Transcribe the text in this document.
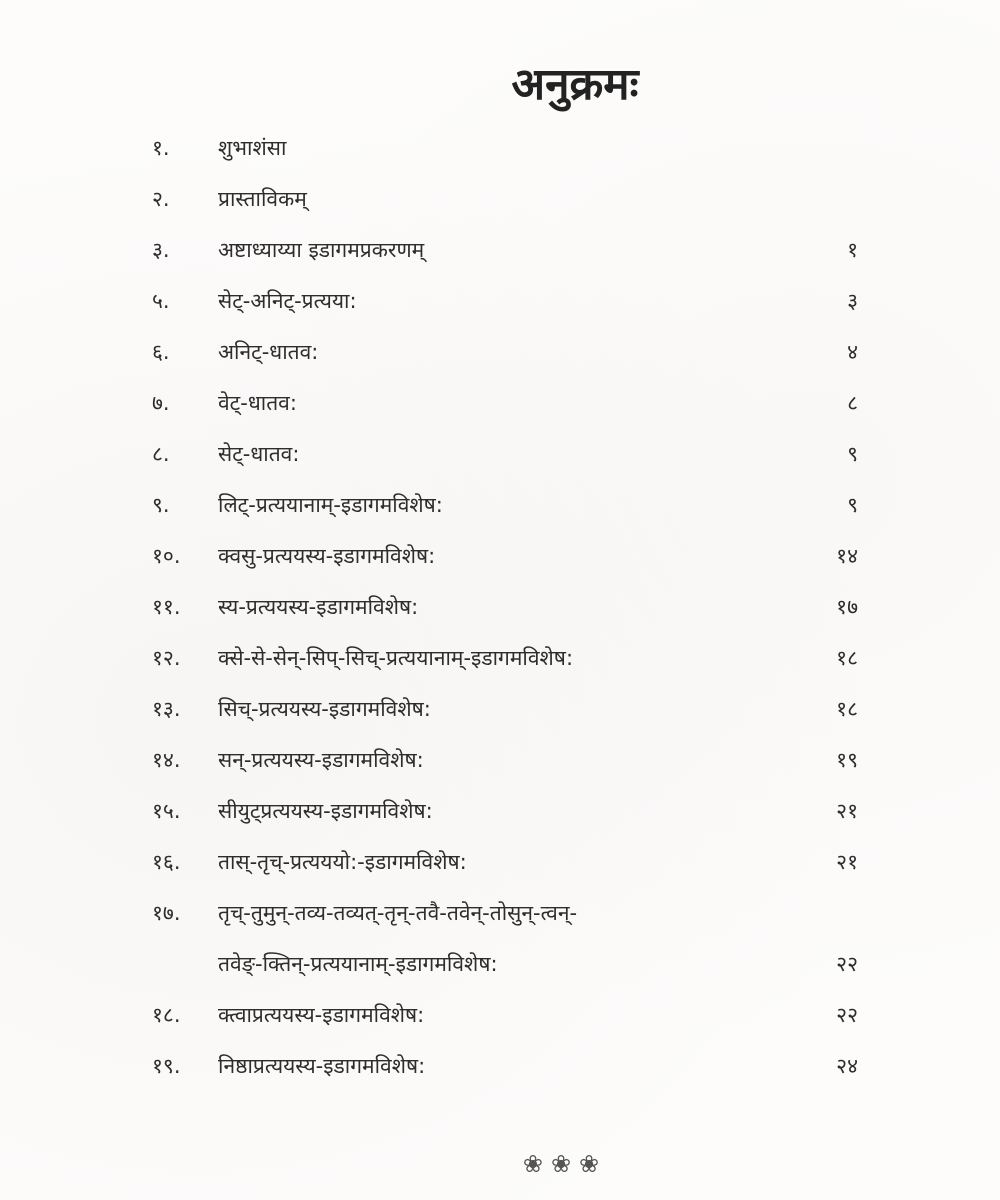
अनुक्रमः
१.	शुभाशंसा
२.	प्रास्ताविकम्
३.	अष्टाध्याय्या इडागमप्रकरणम्	१
५.	सेट्-अनिट्-प्रत्यया:	३
६.	अनिट्-धातव:	४
७.	वेट्-धातव:	८
८.	सेट्-धातव:	९
९.	लिट्-प्रत्ययानाम्-इडागमविशेष:	९
१०.	क्वसु-प्रत्ययस्य-इडागमविशेष:	१४
११.	स्य-प्रत्ययस्य-इडागमविशेष:	१७
१२.	क्से-से-सेन्-सिप्-सिच्-प्रत्ययानाम्-इडागमविशेष:	१८
१३.	सिच्-प्रत्ययस्य-इडागमविशेष:	१८
१४.	सन्-प्रत्ययस्य-इडागमविशेष:	१९
१५.	सीयुट्प्रत्ययस्य-इडागमविशेष:	२१
१६.	तास्-तृच्-प्रत्यययो:-इडागमविशेष:	२१
१७.	तृच्-तुमुन्-तव्य-तव्यत्-तृन्-तवै-तवेन्-तोसुन्-त्वन्-
तवेङ्-क्तिन्-प्रत्ययानाम्-इडागमविशेष:	२२
१८.	क्त्वाप्रत्ययस्य-इडागमविशेष:	२२
१९.	निष्ठाप्रत्ययस्य-इडागमविशेष:	२४
❀❀❀
